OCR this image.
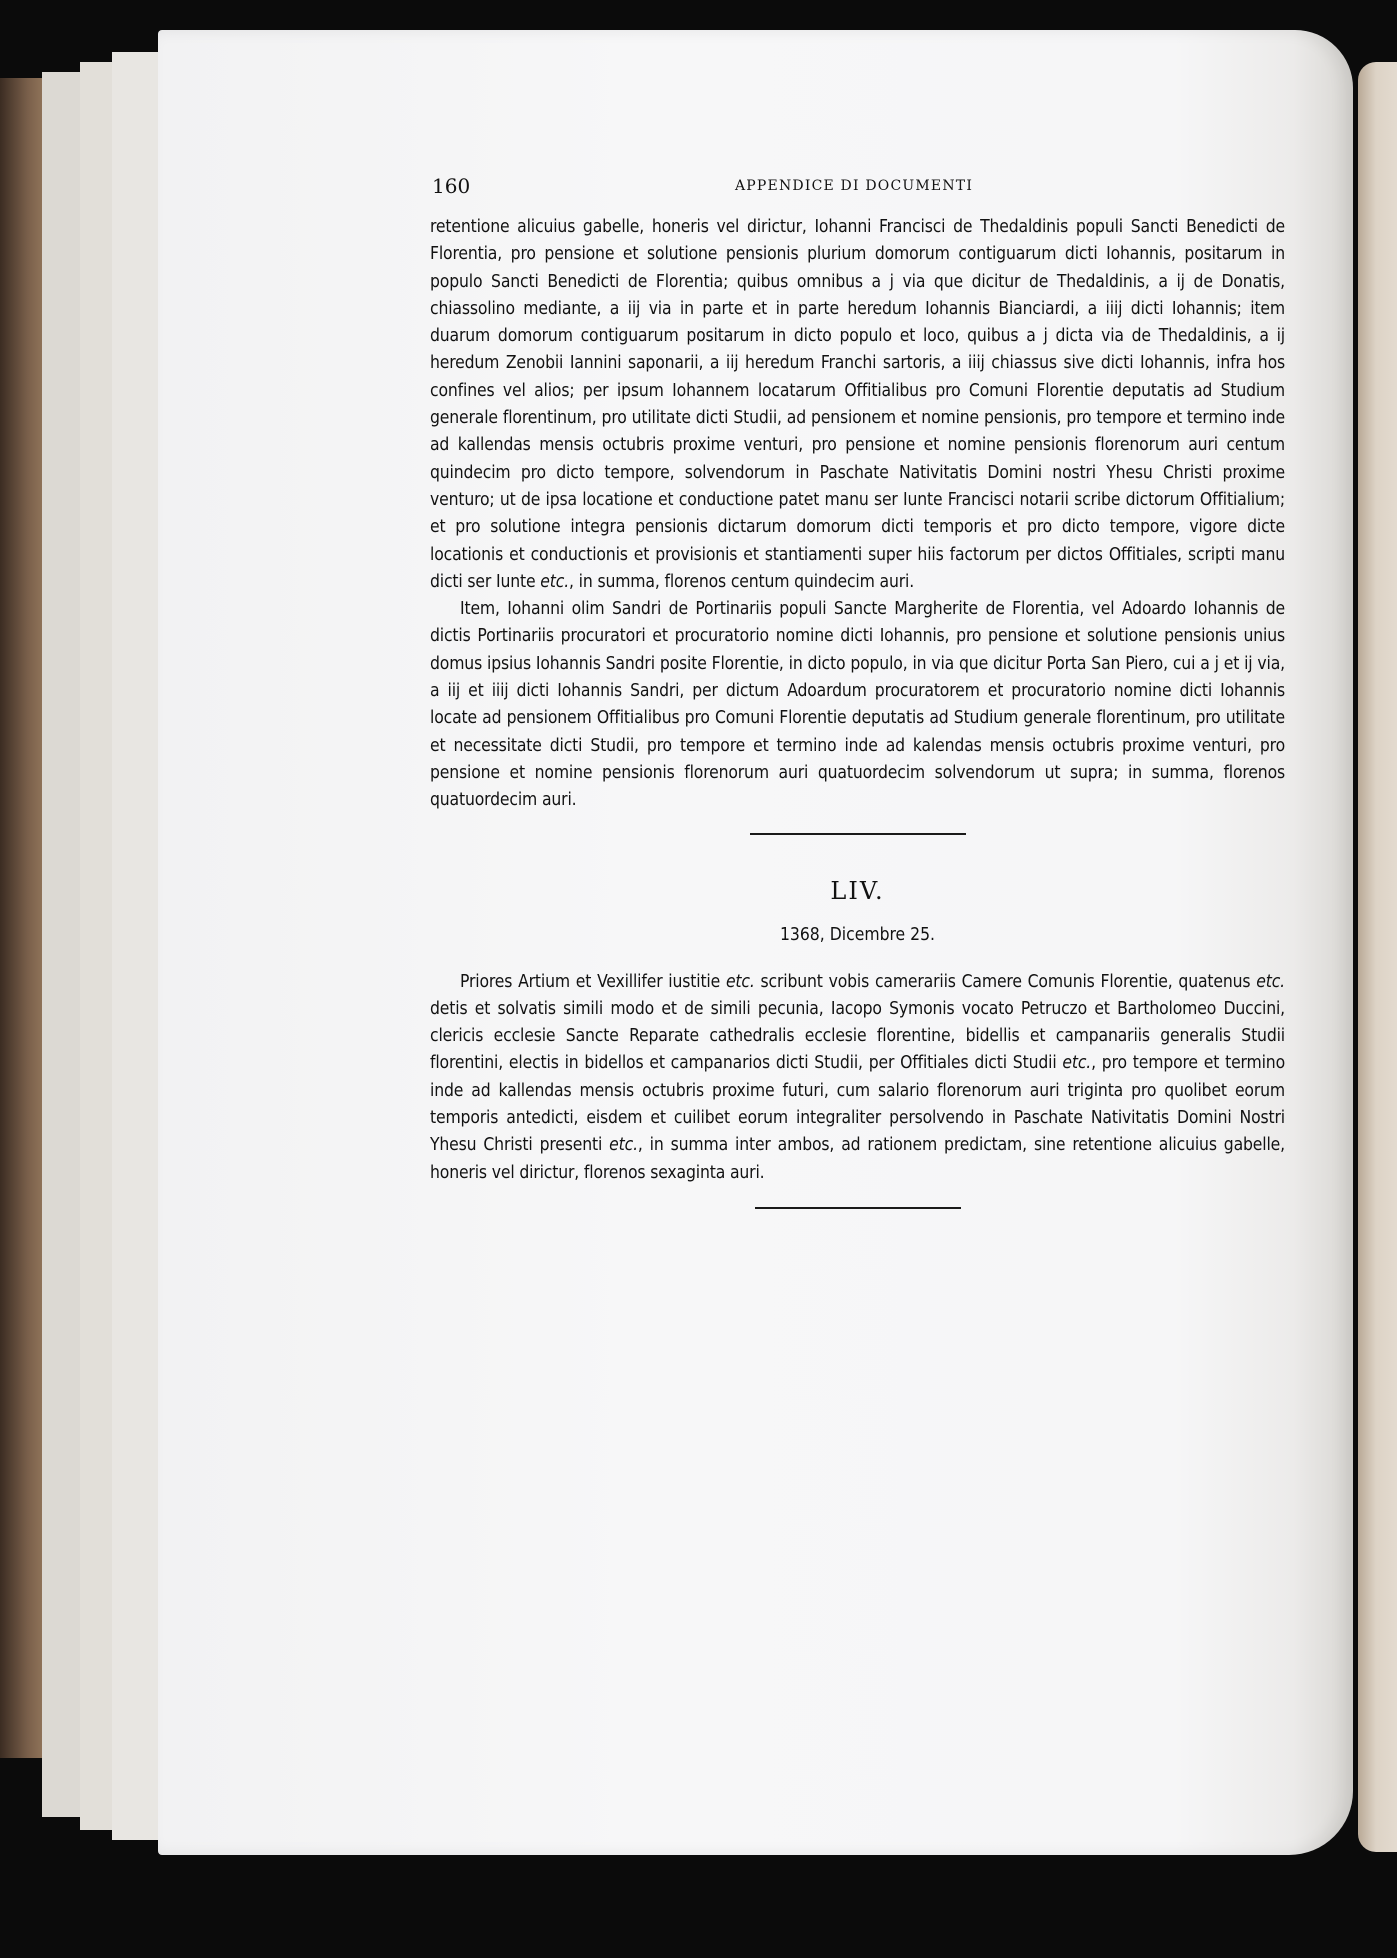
160	APPENDICE DI DOCUMENTI

retentione alicuius gabelle, honeris vel dirictur, Iohanni Francisci de Thedaldinis populi Sancti Benedicti de Florentia, pro pensione et solutione pensionis plurium domorum contiguarum dicti Iohannis, positarum in populo Sancti Benedicti de Florentia; quibus omnibus a j via que dicitur de Thedaldinis, a ij de Donatis, chiassolino mediante, a iij via in parte et in parte heredum Iohannis Bianciardi, a iiij dicti Iohannis; item duarum domorum contiguarum positarum in dicto populo et loco, quibus a j dicta via de Thedaldinis, a ij heredum Zenobii Iannini saponarii, a iij heredum Franchi sartoris, a iiij chiassus sive dicti Iohannis, infra hos confines vel alios; per ipsum Iohannem locatarum Offitialibus pro Comuni Florentie deputatis ad Studium generale florentinum, pro utilitate dicti Studii, ad pensionem et nomine pensionis, pro tempore et termino inde ad kallendas mensis octubris proxime venturi, pro pensione et nomine pensionis florenorum auri centum quindecim pro dicto tempore, solvendorum in Paschate Nativitatis Domini nostri Yhesu Christi proxime venturo; ut de ipsa locatione et conductione patet manu ser Iunte Francisci notarii scribe dictorum Offitialium; et pro solutione integra pensionis dictarum domorum dicti temporis et pro dicto tempore, vigore dicte locationis et conductionis et provisionis et stantiamenti super hiis factorum per dictos Offitiales, scripti manu dicti ser Iunte etc., in summa, florenos centum quindecim auri.

Item, Iohanni olim Sandri de Portinariis populi Sancte Margherite de Florentia, vel Adoardo Iohannis de dictis Portinariis procuratori et procuratorio nomine dicti Iohannis, pro pensione et solutione pensionis unius domus ipsius Iohannis Sandri posite Florentie, in dicto populo, in via que dicitur Porta San Piero, cui a j et ij via, a iij et iiij dicti Iohannis Sandri, per dictum Adoardum procuratorem et procuratorio nomine dicti Iohannis locate ad pensionem Offitialibus pro Comuni Florentie deputatis ad Studium generale florentinum, pro utilitate et necessitate dicti Studii, pro tempore et termino inde ad kalendas mensis octubris proxime venturi, pro pensione et nomine pensionis florenorum auri quatuordecim solvendorum ut supra; in summa, florenos quatuordecim auri.

LIV.
1368, Dicembre 25.

Priores Artium et Vexillifer iustitie etc. scribunt vobis camerariis Camere Comunis Florentie, quatenus etc. detis et solvatis simili modo et de simili pecunia, Iacopo Symonis vocato Petruczo et Bartholomeo Duccini, clericis ecclesie Sancte Reparate cathedralis ecclesie florentine, bidellis et campanariis generalis Studii florentini, electis in bidellos et campanarios dicti Studii, per Offitiales dicti Studii etc., pro tempore et termino inde ad kallendas mensis octubris proxime futuri, cum salario florenorum auri triginta pro quolibet eorum temporis antedicti, eisdem et cuilibet eorum integraliter persolvendo in Paschate Nativitatis Domini Nostri Yhesu Christi presenti etc., in summa inter ambos, ad rationem predictam, sine retentione alicuius gabelle, honeris vel dirictur, florenos sexaginta auri.
